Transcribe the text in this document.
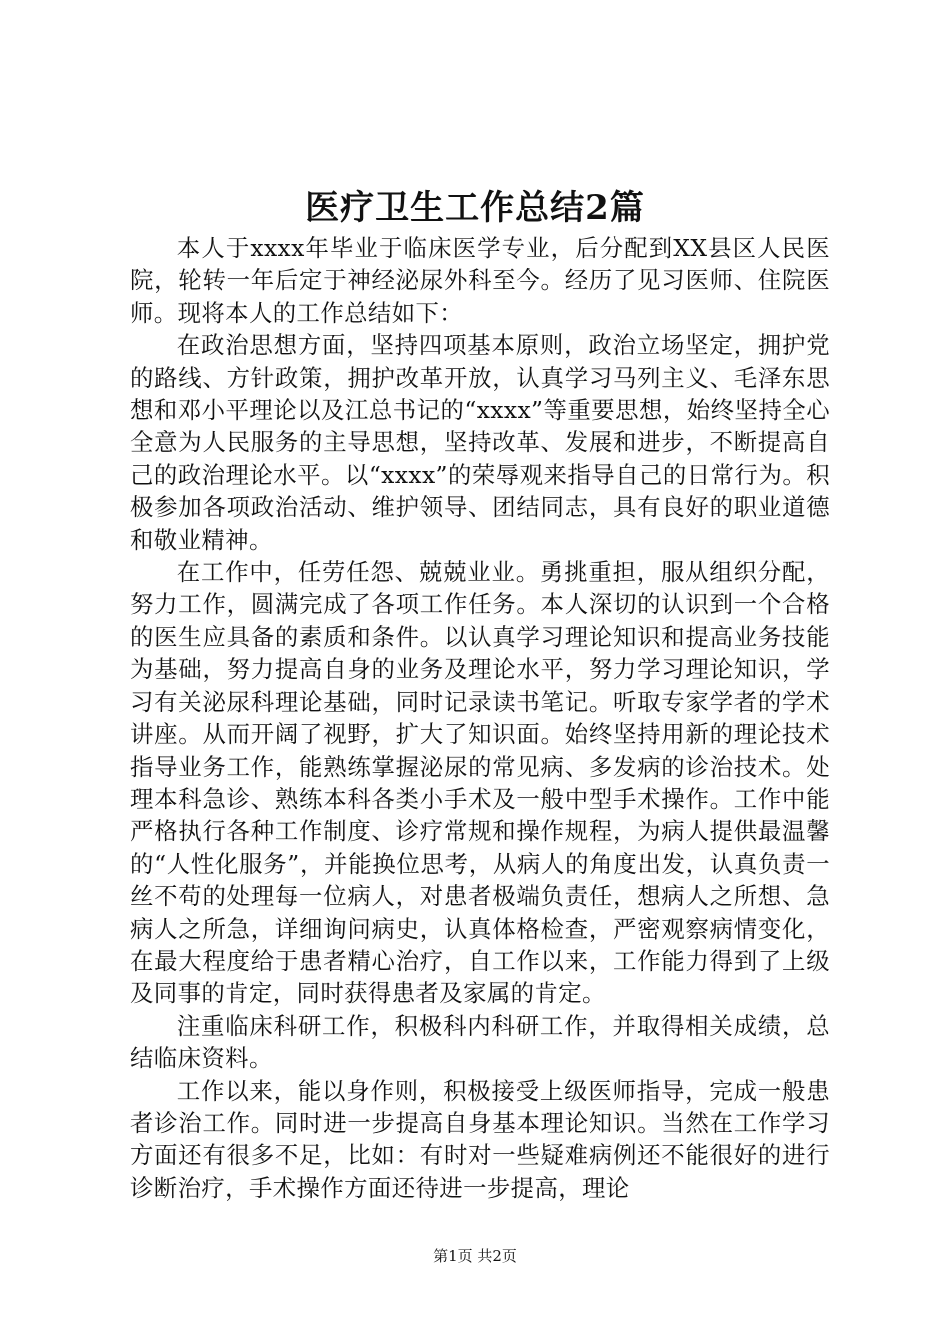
医疗卫生工作总结2篇

本人于xxxx年毕业于临床医学专业，后分配到XX县区人民医院，轮转一年后定于神经泌尿外科至今。经历了见习医师、住院医师。现将本人的工作总结如下：

在政治思想方面，坚持四项基本原则，政治立场坚定，拥护党的路线、方针政策，拥护改革开放，认真学习马列主义、毛泽东思想和邓小平理论以及江总书记的“xxxx”等重要思想，始终坚持全心全意为人民服务的主导思想，坚持改革、发展和进步，不断提高自己的政治理论水平。以“xxxx”的荣辱观来指导自己的日常行为。积极参加各项政治活动、维护领导、团结同志，具有良好的职业道德和敬业精神。

在工作中，任劳任怨、兢兢业业。勇挑重担，服从组织分配，努力工作，圆满完成了各项工作任务。本人深切的认识到一个合格的医生应具备的素质和条件。以认真学习理论知识和提高业务技能为基础，努力提高自身的业务及理论水平，努力学习理论知识，学习有关泌尿科理论基础，同时记录读书笔记。听取专家学者的学术讲座。从而开阔了视野，扩大了知识面。始终坚持用新的理论技术指导业务工作，能熟练掌握泌尿的常见病、多发病的诊治技术。处理本科急诊、熟练本科各类小手术及一般中型手术操作。工作中能严格执行各种工作制度、诊疗常规和操作规程，为病人提供最温馨的“人性化服务”，并能换位思考，从病人的角度出发，认真负责一丝不苟的处理每一位病人，对患者极端负责任，想病人之所想、急病人之所急，详细询问病史，认真体格检查，严密观察病情变化，在最大程度给于患者精心治疗，自工作以来，工作能力得到了上级及同事的肯定，同时获得患者及家属的肯定。

注重临床科研工作，积极科内科研工作，并取得相关成绩，总结临床资料。

工作以来，能以身作则，积极接受上级医师指导，完成一般患者诊治工作。同时进一步提高自身基本理论知识。当然在工作学习方面还有很多不足，比如：有时对一些疑难病例还不能很好的进行诊断治疗，手术操作方面还待进一步提高，理论

第1页 共2页
